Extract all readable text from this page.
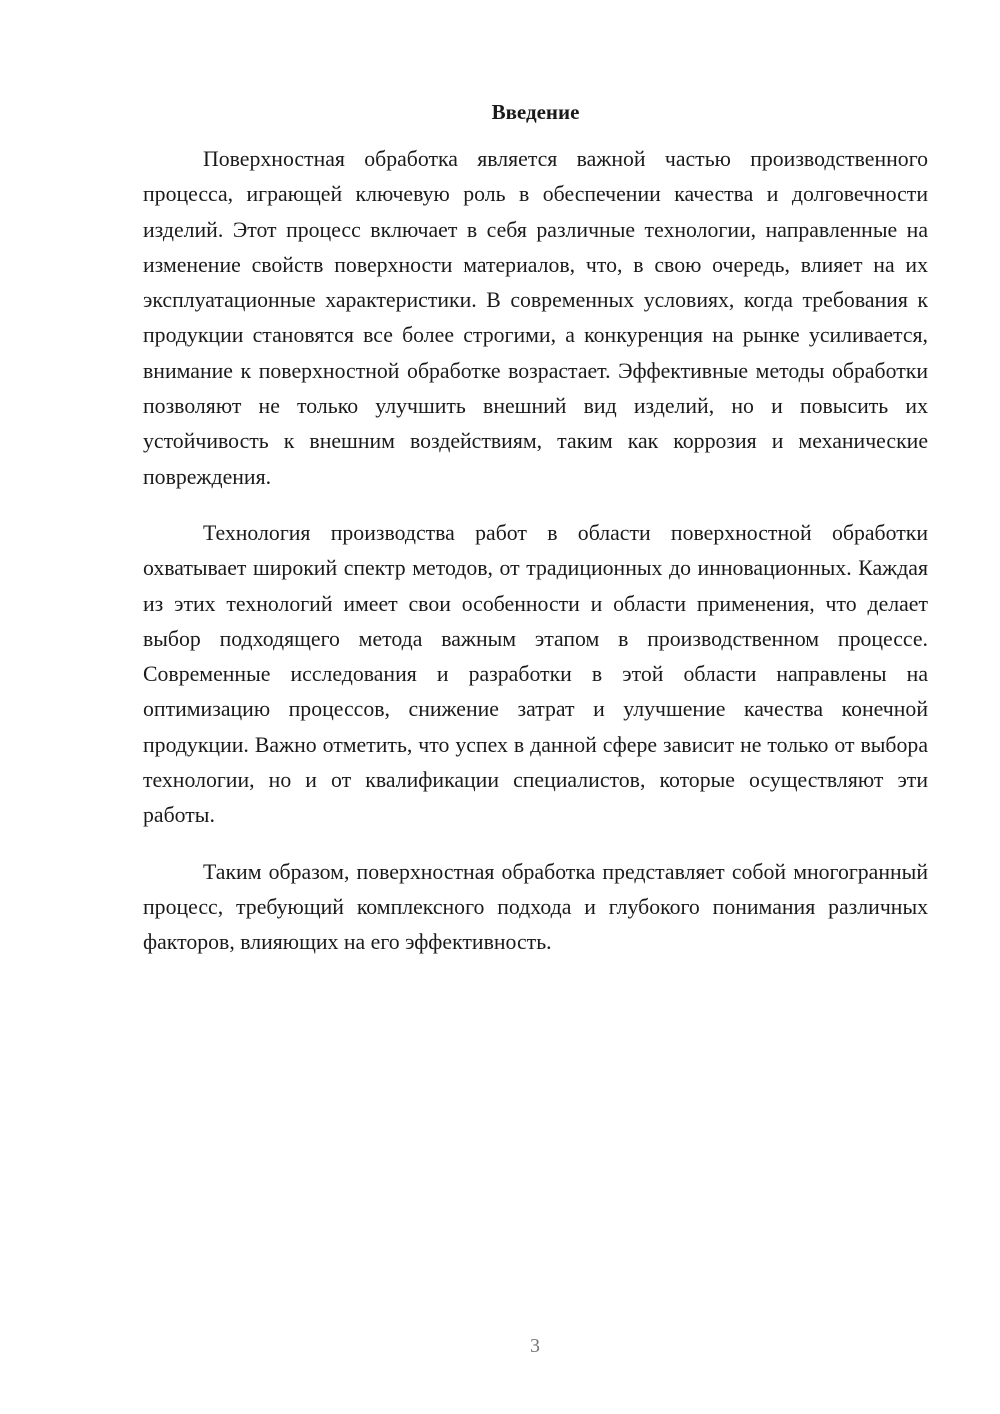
Введение

Поверхностная обработка является важной частью производственного процесса, играющей ключевую роль в обеспечении качества и долговечности изделий. Этот процесс включает в себя различные технологии, направленные на изменение свойств поверхности материалов, что, в свою очередь, влияет на их эксплуатационные характеристики. В современных условиях, когда требования к продукции становятся все более строгими, а конкуренция на рынке усиливается, внимание к поверхностной обработке возрастает. Эффективные методы обработки позволяют не только улучшить внешний вид изделий, но и повысить их устойчивость к внешним воздействиям, таким как коррозия и механические повреждения.

Технология производства работ в области поверхностной обработки охватывает широкий спектр методов, от традиционных до инновационных. Каждая из этих технологий имеет свои особенности и области применения, что делает выбор подходящего метода важным этапом в производственном процессе. Современные исследования и разработки в этой области направлены на оптимизацию процессов, снижение затрат и улучшение качества конечной продукции. Важно отметить, что успех в данной сфере зависит не только от выбора технологии, но и от квалификации специалистов, которые осуществляют эти работы.

Таким образом, поверхностная обработка представляет собой многогранный процесс, требующий комплексного подхода и глубокого понимания различных факторов, влияющих на его эффективность.

3
